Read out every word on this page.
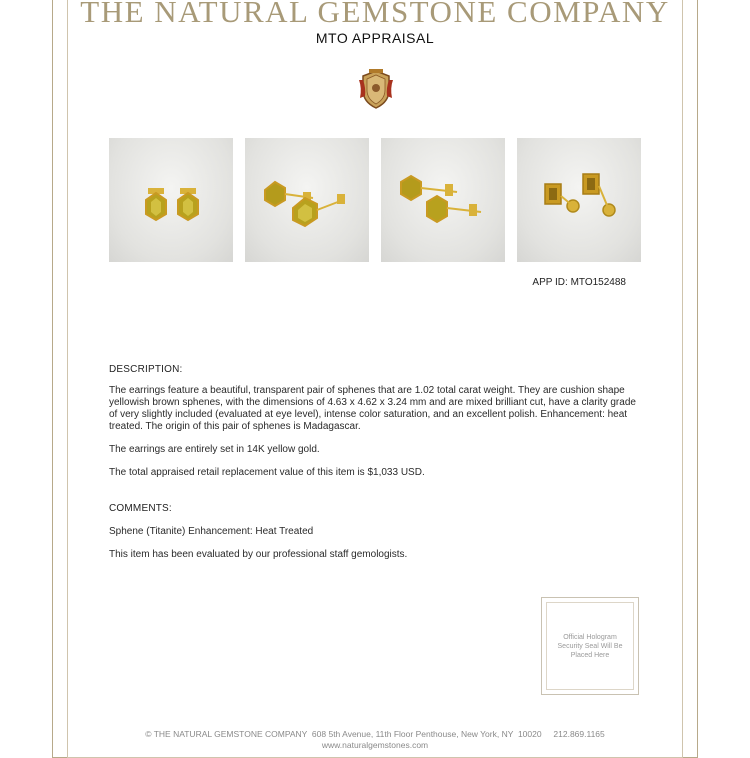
THE NATURAL GEMSTONE COMPANY
MTO APPRAISAL
APP ID: MTO152488
DESCRIPTION:
The earrings feature a beautiful, transparent pair of sphenes that are 1.02 total carat weight. They are cushion shape yellowish brown sphenes, with the dimensions of 4.63 x 4.62 x 3.24 mm and are mixed brilliant cut, have a clarity grade of very slightly included (evaluated at eye level), intense color saturation, and an excellent polish. Enhancement: heat treated. The origin of this pair of sphenes is Madagascar.
The earrings are entirely set in 14K yellow gold.
The total appraised retail replacement value of this item is $1,033 USD.
COMMENTS:
Sphene (Titanite) Enhancement: Heat Treated
This item has been evaluated by our professional staff gemologists.
Official Hologram Security Seal Will Be Placed Here
© THE NATURAL GEMSTONE COMPANY  608 5th Avenue, 11th Floor Penthouse, New York, NY  10020     212.869.1165
www.naturalgemstones.com
